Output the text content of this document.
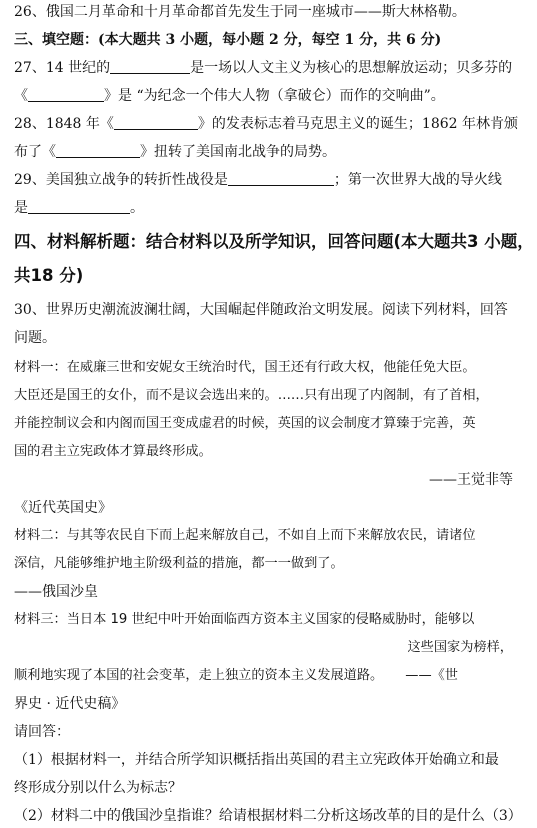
26、俄国二月革命和十月革命都首先发生于同一座城市——斯大林格勒。
三、填空题：(本大题共 3 小题，每小题 2 分，每空 1 分，共 6 分)
27、14 世纪的	是一场以人文主义为核心的思想解放运动；贝多芬的
《	》是 “为纪念一个伟大人物（拿破仑）而作的交响曲”。
28、1848 年《	》的发表标志着马克思主义的诞生；1862 年林肯颁
布了《	》扭转了美国南北战争的局势。
29、美国独立战争的转折性战役是	；第一次世界大战的导火线
是	。
四、材料解析题：结合材料以及所学知识，回答问题(本大题共3 小题，
共18 分)
30、世界历史潮流波澜壮阔，大国崛起伴随政治文明发展。阅读下列材料，回答
问题。
材料一：在威廉三世和安妮女王统治时代，国王还有行政大权，他能任免大臣。
大臣还是国王的女仆，而不是议会选出来的。……只有出现了内阁制，有了首相，
并能控制议会和内阁而国王变成虚君的时候，英国的议会制度才算臻于完善，英
国的君主立宪政体才算最终形成。
——王觉非等
《近代英国史》
材料二：与其等农民自下而上起来解放自己，不如自上而下来解放农民，请诸位
深信，凡能够维护地主阶级利益的措施，都一一做到了。
——俄国沙皇
材料三：当日本 19 世纪中叶开始面临西方资本主义国家的侵略威胁时，能够以
这些国家为榜样，
顺利地实现了本国的社会变革，走上独立的资本主义发展道路。 ——《世
界史 · 近代史稿》
请回答：
（1）根据材料一，并结合所学知识概括指出英国的君主立宪政体开始确立和最
终形成分别以什么为标志？
（2）材料二中的俄国沙皇指谁？给请根据材料二分析这场改革的目的是什么（3）
